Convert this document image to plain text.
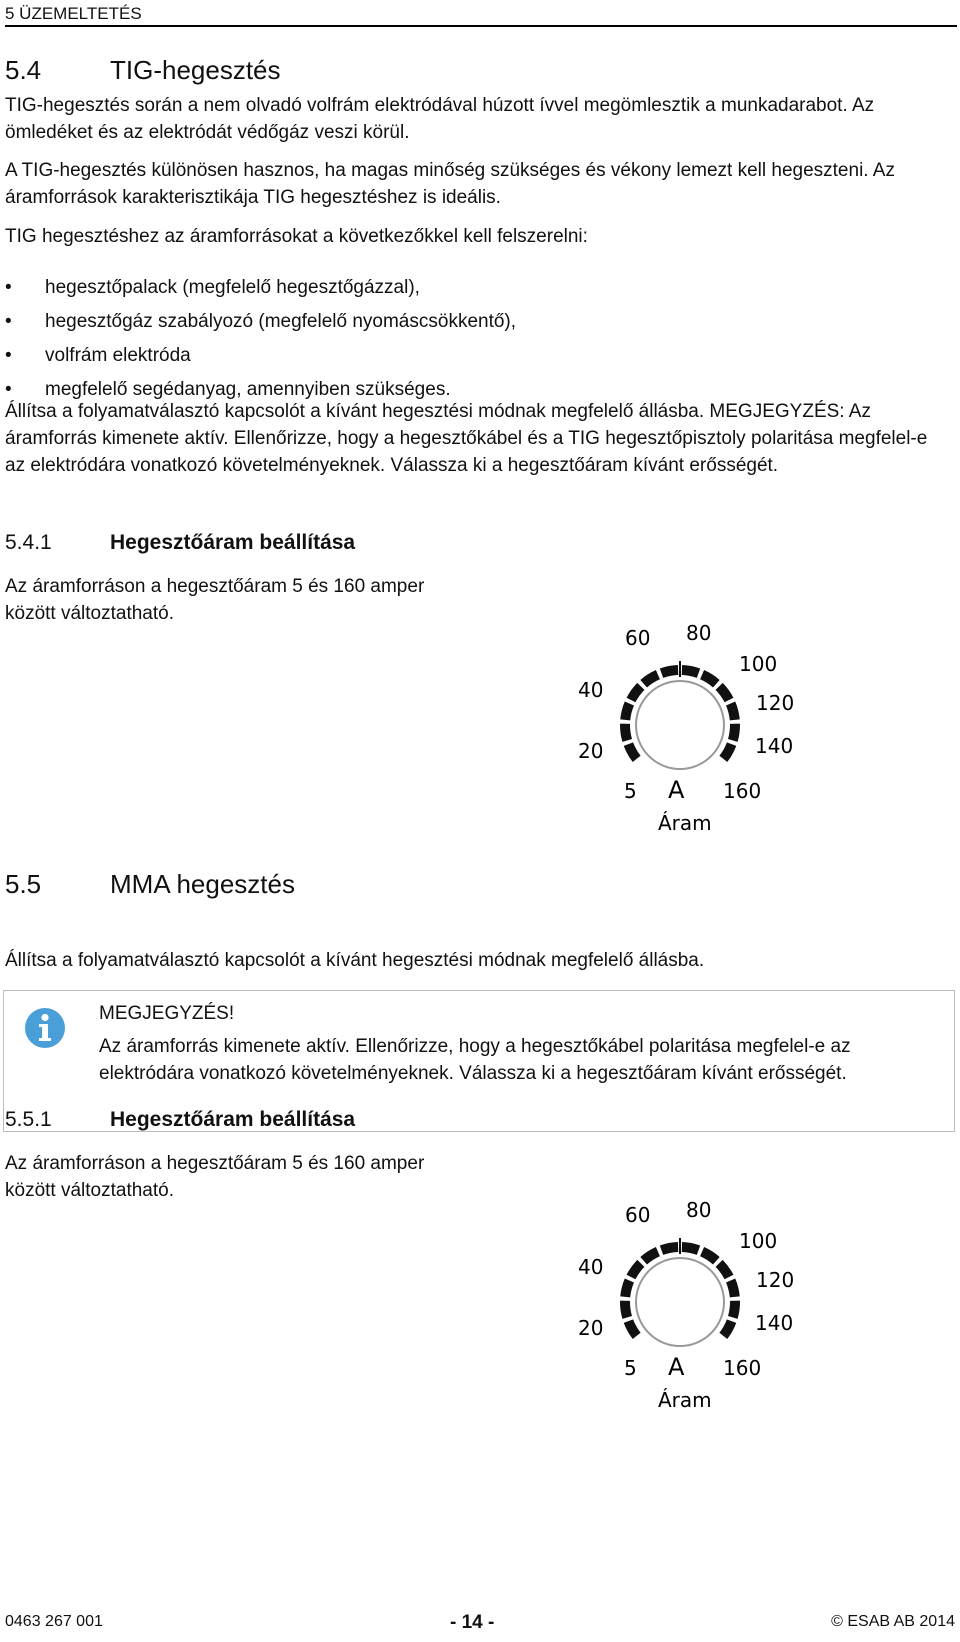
5 ÜZEMELTETÉS
5.4	TIG-hegesztés

TIG-hegesztés során a nem olvadó volfrám elektródával húzott ívvel megömlesztik a munkadarabot. Az ömledéket és az elektródát védőgáz veszi körül.

A TIG-hegesztés különösen hasznos, ha magas minőség szükséges és vékony lemezt kell hegeszteni. Az áramforrások karakterisztikája TIG hegesztéshez is ideális.

TIG hegesztéshez az áramforrásokat a következőkkel kell felszerelni:

• hegesztőpalack (megfelelő hegesztőgázzal),
• hegesztőgáz szabályozó (megfelelő nyomáscsökkentő),
• volfrám elektróda
• megfelelő segédanyag, amennyiben szükséges.

Állítsa a folyamatválasztó kapcsolót a kívánt hegesztési módnak megfelelő állásba. MEGJEGYZÉS: Az áramforrás kimenete aktív. Ellenőrizze, hogy a hegesztőkábel és a TIG hegesztőpisztoly polaritása megfelel-e az elektródára vonatkozó követelményeknek. Válassza ki a hegesztőáram kívánt erősségét.

5.4.1	Hegesztőáram beállítása

Az áramforráson a hegesztőáram 5 és 160 amper között változtatható.

5
20
40
60 80
100
120
140
160
A
Áram
5.5	MMA hegesztés

Állítsa a folyamatválasztó kapcsolót a kívánt hegesztési módnak megfelelő állásba.

MEGJEGYZÉS!

Az áramforrás kimenete aktív. Ellenőrizze, hogy a hegesztőkábel polaritása megfelel-e az elektródára vonatkozó követelményeknek. Válassza ki a hegesztőáram kívánt erősségét.

5.5.1	Hegesztőáram beállítása

Az áramforráson a hegesztőáram 5 és 160 amper között változtatható.

5
20
40
60 80
100
120
140
160
A
Áram
0463 267 001	- 14 -	© ESAB AB 2014
